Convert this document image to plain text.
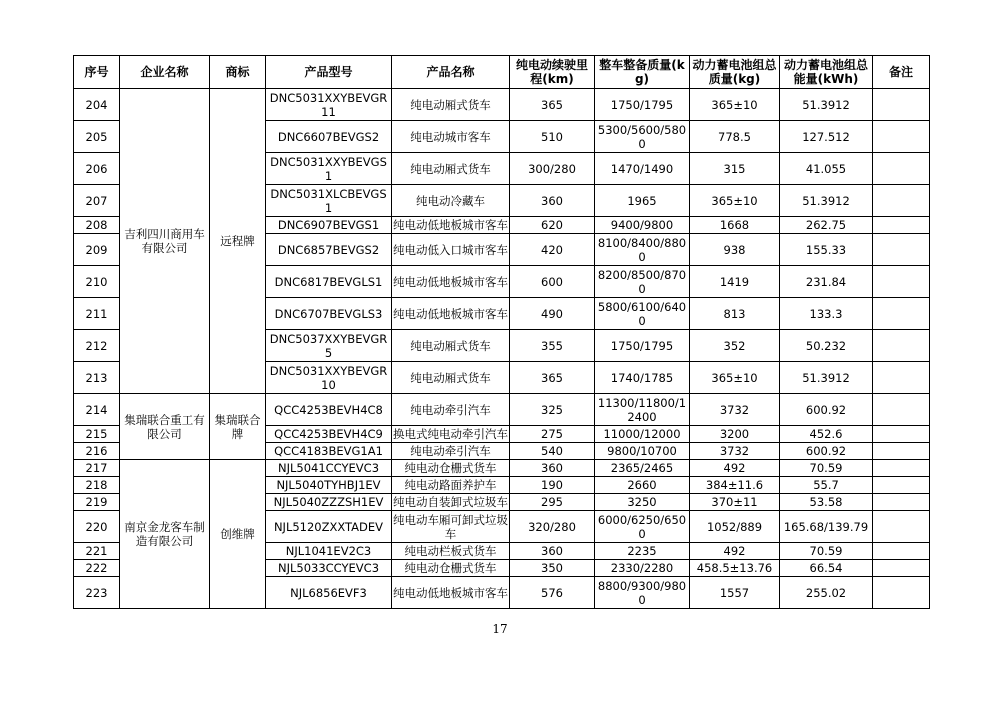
序号	企业名称	商标	产品型号	产品名称	纯电动续驶里程(km)	整车整备质量(kg)	动力蓄电池组总质量(kg)	动力蓄电池组总能量(kWh)	备注
204	吉利四川商用车有限公司	远程牌	DNC5031XXYBEVGR11	纯电动厢式货车	365	1750/1795	365±10	51.3912	
205			DNC6607BEVGS2	纯电动城市客车	510	5300/5600/5800	778.5	127.512	
206			DNC5031XXYBEVGS1	纯电动厢式货车	300/280	1470/1490	315	41.055	
207			DNC5031XLCBEVGS1	纯电动冷藏车	360	1965	365±10	51.3912	
208			DNC6907BEVGS1	纯电动低地板城市客车	620	9400/9800	1668	262.75	
209			DNC6857BEVGS2	纯电动低入口城市客车	420	8100/8400/8800	938	155.33	
210			DNC6817BEVGLS1	纯电动低地板城市客车	600	8200/8500/8700	1419	231.84	
211			DNC6707BEVGLS3	纯电动低地板城市客车	490	5800/6100/6400	813	133.3	
212			DNC5037XXYBEVGR5	纯电动厢式货车	355	1750/1795	352	50.232	
213			DNC5031XXYBEVGR10	纯电动厢式货车	365	1740/1785	365±10	51.3912	
214	集瑞联合重工有限公司	集瑞联合牌	QCC4253BEVH4C8	纯电动牵引汽车	325	11300/11800/12400	3732	600.92	
215			QCC4253BEVH4C9	换电式纯电动牵引汽车	275	11000/12000	3200	452.6	
216			QCC4183BEVG1A1	纯电动牵引汽车	540	9800/10700	3732	600.92	
217	南京金龙客车制造有限公司	创维牌	NJL5041CCYEVC3	纯电动仓栅式货车	360	2365/2465	492	70.59	
218			NJL5040TYHBJ1EV	纯电动路面养护车	190	2660	384±11.6	55.7	
219			NJL5040ZZZSH1EV	纯电动自装卸式垃圾车	295	3250	370±11	53.58	
220			NJL5120ZXXTADEV	纯电动车厢可卸式垃圾车	320/280	6000/6250/6500	1052/889	165.68/139.79	
221			NJL1041EV2C3	纯电动栏板式货车	360	2235	492	70.59	
222			NJL5033CCYEVC3	纯电动仓栅式货车	350	2330/2280	458.5±13.76	66.54	
223			NJL6856EVF3	纯电动低地板城市客车	576	8800/9300/9800	1557	255.02	
17
